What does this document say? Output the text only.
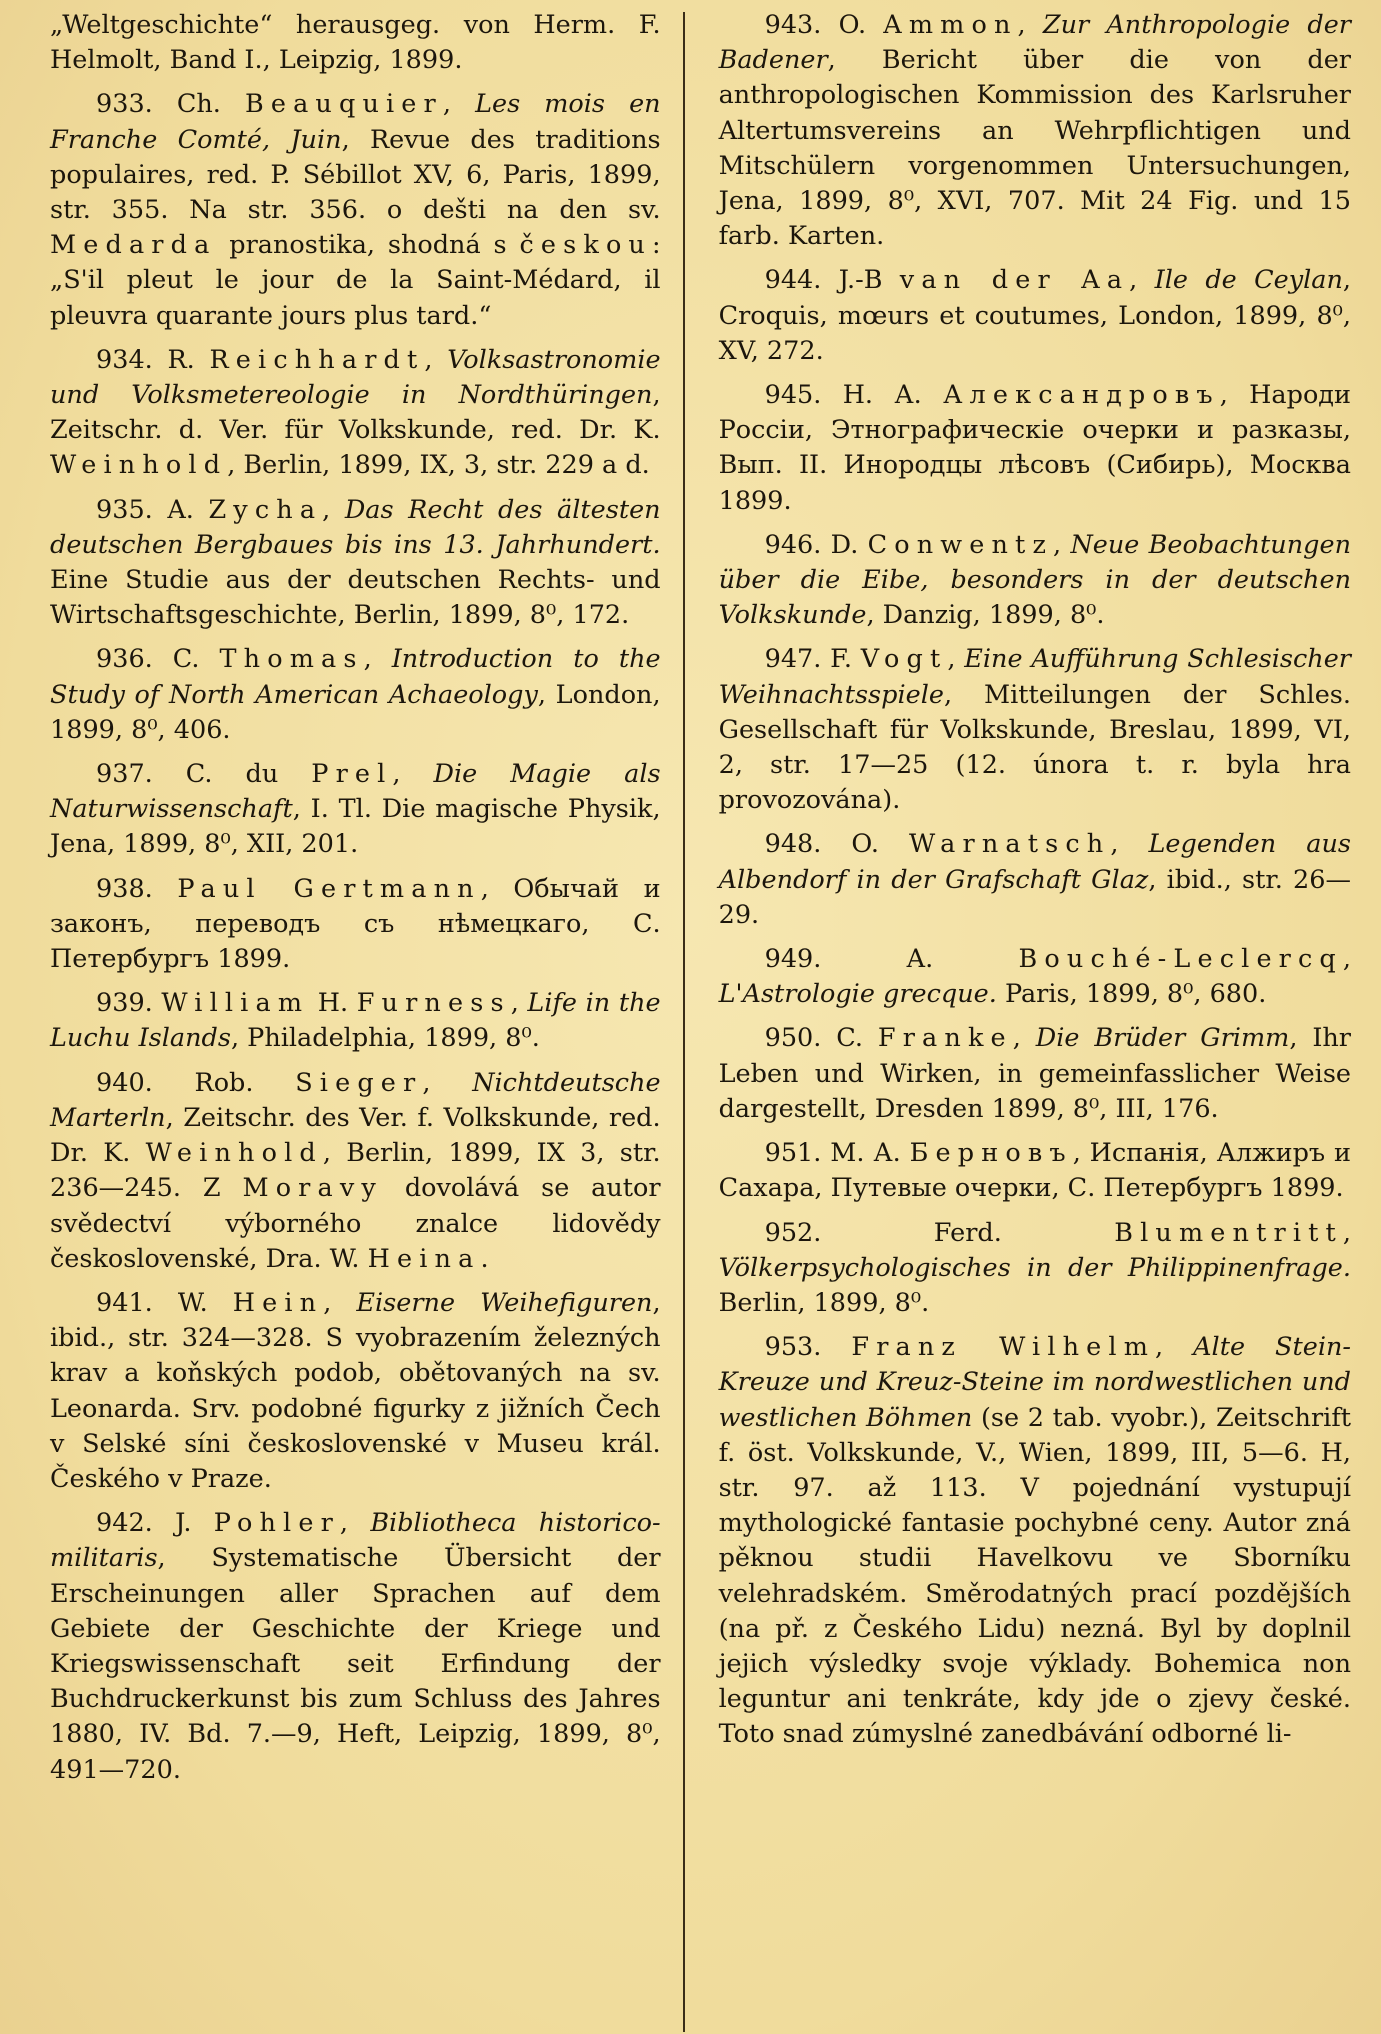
„Weltgeschichte“ herausgeg. von Herm. F. Helmolt, Band I., Leipzig, 1899.

933. Ch. Beauquier, Les mois en Franche Comté, Juin, Revue des traditions populaires, red. P. Sébillot XV, 6, Paris, 1899, str. 355. Na str. 356. o dešti na den sv. Medarda pranostika, shodná s českou: „S'il pleut le jour de la Saint-Médard, il pleuvra quarante jours plus tard.“

934. R. Reichhardt, Volksastronomie und Volksmetereologie in Nordthüringen, Zeitschr. d. Ver. für Volkskunde, red. Dr. K. Weinhold, Berlin, 1899, IX, 3, str. 229 a d.

935. A. Zycha, Das Recht des ältesten deutschen Bergbaues bis ins 13. Jahrhundert. Eine Studie aus der deutschen Rechts- und Wirtschaftsgeschichte, Berlin, 1899, 8⁰, 172.

936. C. Thomas, Introduction to the Study of North American Achaeology, London, 1899, 8⁰, 406.

937. C. du Prel, Die Magie als Naturwissenschaft, I. Tl. Die magische Physik, Jena, 1899, 8⁰, XII, 201.

938. Paul Gertmann, Обычай и законъ, переводъ съ нѣмецкаго, С. Петербургъ 1899.

939. William H. Furness, Life in the Luchu Islands, Philadelphia, 1899, 8⁰.

940. Rob. Sieger, Nichtdeutsche Marterln, Zeitschr. des Ver. f. Volkskunde, red. Dr. K. Weinhold, Berlin, 1899, IX 3, str. 236—245. Z Moravy dovolává se autor svědectví výborného znalce lidovědy československé, Dra. W. Heina.

941. W. Hein, Eiserne Weihefiguren, ibid., str. 324—328. S vyobrazením železných krav a koňských podob, obětovaných na sv. Leonarda. Srv. podobné figurky z jižních Čech v Selské síni československé v Museu král. Českého v Praze.

942. J. Pohler, Bibliotheca historico-militaris, Systematische Übersicht der Erscheinungen aller Sprachen auf dem Gebiete der Geschichte der Kriege und Kriegswissenschaft seit Erfindung der Buchdruckerkunst bis zum Schluss des Jahres 1880, IV. Bd. 7.—9, Heft, Leipzig, 1899, 8⁰, 491—720.

943. O. Ammon, Zur Anthropologie der Badener, Bericht über die von der anthropologischen Kommission des Karlsruher Altertumsvereins an Wehrpflichtigen und Mitschülern vorgenommen Untersuchungen, Jena, 1899, 8⁰, XVI, 707. Mit 24 Fig. und 15 farb. Karten.

944. J.-B van der Aa, Ile de Ceylan, Croquis, mœurs et coutumes, London, 1899, 8⁰, XV, 272.

945. Н. А. Александровъ, Народи Россіи, Этнографическіе очерки и разказы, Вып. II. Инородцы лѣсовъ (Сибирь), Москва 1899.

946. D. Conwentz, Neue Beobachtungen über die Eibe, besonders in der deutschen Volkskunde, Danzig, 1899, 8⁰.

947. F. Vogt, Eine Aufführung Schlesischer Weihnachtsspiele, Mitteilungen der Schles. Gesellschaft für Volkskunde, Breslau, 1899, VI, 2, str. 17—25 (12. února t. r. byla hra provozována).

948. O. Warnatsch, Legenden aus Albendorf in der Grafschaft Glaz, ibid., str. 26—29.

949. A. Bouché-Leclercq, L'Astrologie grecque. Paris, 1899, 8⁰, 680.

950. C. Franke, Die Brüder Grimm, Ihr Leben und Wirken, in gemeinfasslicher Weise dargestellt, Dresden 1899, 8⁰, III, 176.

951. М. А. Берновъ, Испанія, Алжиръ и Сахара, Путевые очерки, С. Петербургъ 1899.

952. Ferd. Blumentritt, Völkerpsychologisches in der Philippinenfrage. Berlin, 1899, 8⁰.

953. Franz Wilhelm, Alte Stein-Kreuze und Kreuz-Steine im nordwestlichen und westlichen Böhmen (se 2 tab. vyobr.), Zeitschrift f. öst. Volkskunde, V., Wien, 1899, III, 5—6. H, str. 97. až 113. V pojednání vystupují mythologické fantasie pochybné ceny. Autor zná pěknou studii Havelkovu ve Sborníku velehradském. Směrodatných prací pozdějších (na př. z Českého Lidu) nezná. Byl by doplnil jejich výsledky svoje výklady. Bohemica non leguntur ani tenkráte, kdy jde o zjevy české. Toto snad zúmyslné zanedbávání odborné li-
